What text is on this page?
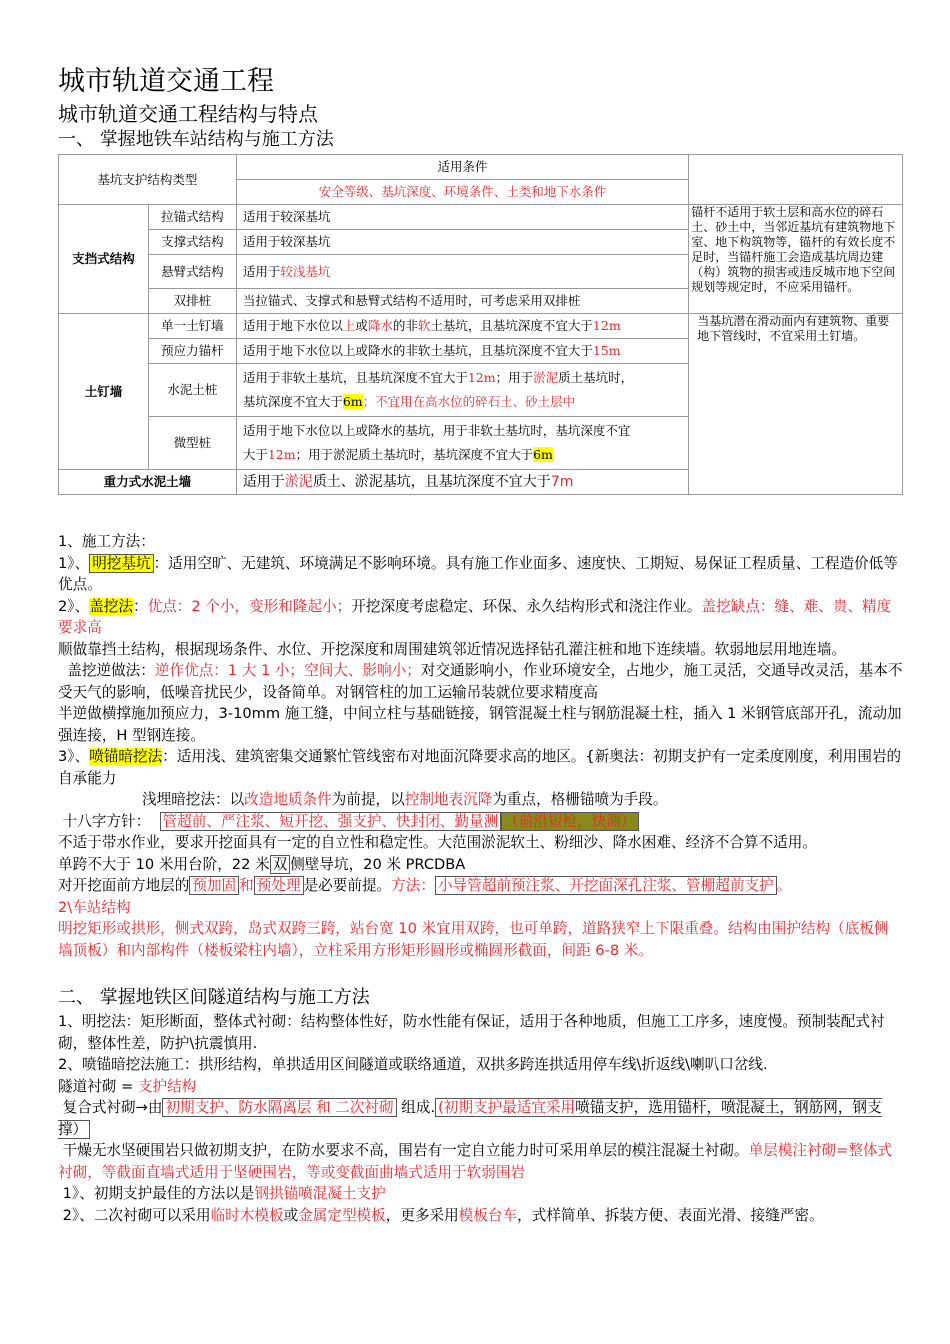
城市轨道交通工程
城市轨道交通工程结构与特点
一、 掌握地铁车站结构与施工方法
基坑支护结构类型		适用条件	
		安全等级、基坑深度、环境条件、土类和地下水条件	
支挡式结构	拉锚式结构	适用于较深基坑	锚杆不适用于软土层和高水位的碎石土、砂土中，当邻近基坑有建筑物地下室、地下构筑物等，锚杆的有效长度不足时，当锚杆施工会造成基坑周边建（构）筑物的损害或违反城市地下空间规划等规定时，不应采用锚杆。
	支撑式结构	适用于较深基坑	
	悬臂式结构	适用于较浅基坑	
	双排桩	当拉锚式、支撑式和悬臂式结构不适用时，可考虑采用双排桩	
土钉墙	单一土钉墙	适用于地下水位以上或降水的非软土基坑，且基坑深度不宜大于12m	当基坑潜在滑动面内有建筑物、重要地下管线时，不宜采用土钉墙。
	预应力锚杆	适用于地下水位以上或降水的非软土基坑，且基坑深度不宜大于15m	
	水泥土桩	适用于非软土基坑，且基坑深度不宜大于12m；用于淤泥质土基坑时，
基坑深度不宜大于6m；不宜用在高水位的碎石土、砂土层中	
	微型桩	适用于地下水位以上或降水的基坑，用于非软土基坑时，基坑深度不宜
大于12m；用于淤泥质土基坑时，基坑深度不宜大于6m	
重力式水泥土墙		适用于淤泥质土、淤泥基坑，且基坑深度不宜大于7m	

1、施工方法：

1》、 明挖基坑 ：适用空旷、无建筑、环境满足不影响环境。具有施工作业面多、速度快、工期短、易保证工程质量、工程造价低等优点。

2》、盖挖法：优点：2 个小，变形和隆起小；开挖深度考虑稳定、环保、永久结构形式和浇注作业。盖挖缺点：缝、难、贵、精度要求高

顺做靠挡土结构，根据现场条件、水位、开挖深度和周围建筑邻近情况选择钻孔灌注桩和地下连续墙。软弱地层用地连墙。

盖挖逆做法：逆作优点：1 大 1 小；空间大、影响小；对交通影响小，作业环境安全，占地少，施工灵活，交通导改灵活，基本不受天气的影响，低噪音扰民少，设备简单。对钢管柱的加工运输吊装就位要求精度高

半逆做横撑施加预应力，3-10mm 施工缝，中间立柱与基础链接，钢管混凝土柱与钢筋混凝土柱，插入 1 米钢管底部开孔，流动加强连接，H 型钢连接。

3》、喷锚暗挖法：适用浅、建筑密集交通繁忙管线密布对地面沉降要求高的地区。{新奥法：初期支护有一定柔度刚度，利用围岩的自承能力

浅埋暗挖法：以改造地质条件为前提，以控制地表沉降为重点，格栅锚喷为手段。

十八字方针： 管超前、严注浆、短开挖、强支护、快封闭、勤量测 （前沿短枪，快测）

不适于带水作业，要求开挖面具有一定的自立性和稳定性。大范围淤泥软土、粉细沙、降水困难、经济不合算不适用。

单跨不大于 10 米用台阶，22 米 双 侧壁导坑，20 米 PRCDBA

对开挖面前方地层的 预加固 和 预处理 是必要前提。方法： 小导管超前预注浆、开挖面深孔注浆、管棚超前支护 。

2\车站结构

明挖矩形或拱形，侧式双跨，岛式双跨三跨，站台宽 10 米宜用双跨，也可单跨，道路狭窄上下限重叠。结构由围护结构（底板侧墙顶板）和内部构件（楼板梁柱内墙），立柱采用方形矩形圆形或椭圆形截面，间距 6-8 米。

二、 掌握地铁区间隧道结构与施工方法

1、明挖法：矩形断面，整体式衬砌：结构整体性好，防水性能有保证，适用于各种地质，但施工工序多，速度慢。预制装配式衬砌，整体性差，防护\抗震慎用.

2、喷锚暗挖法施工：拱形结构，单拱适用区间隧道或联络通道，双拱多跨连拱适用停车线\折返线\喇叭口岔线.

隧道衬砌 = 支护结构

复合式衬砌→由 初期支护、防水隔离层 和 二次衬砌 组成. (初期支护最适宜采用喷锚支护，选用锚杆，喷混凝土，钢筋网，钢支撑）

干燥无水坚硬围岩只做初期支护，在防水要求不高，围岩有一定自立能力时可采用单层的模注混凝土衬砌。单层模注衬砌=整体式衬砌，等截面直墙式适用于坚硬围岩，等或变截面曲墙式适用于软弱围岩

1》、初期支护最佳的方法以是钢拱锚喷混凝土支护

2》、二次衬砌可以采用临时木模板或金属定型模板，更多采用模板台车，式样简单、拆装方便、表面光滑、接缝严密。
